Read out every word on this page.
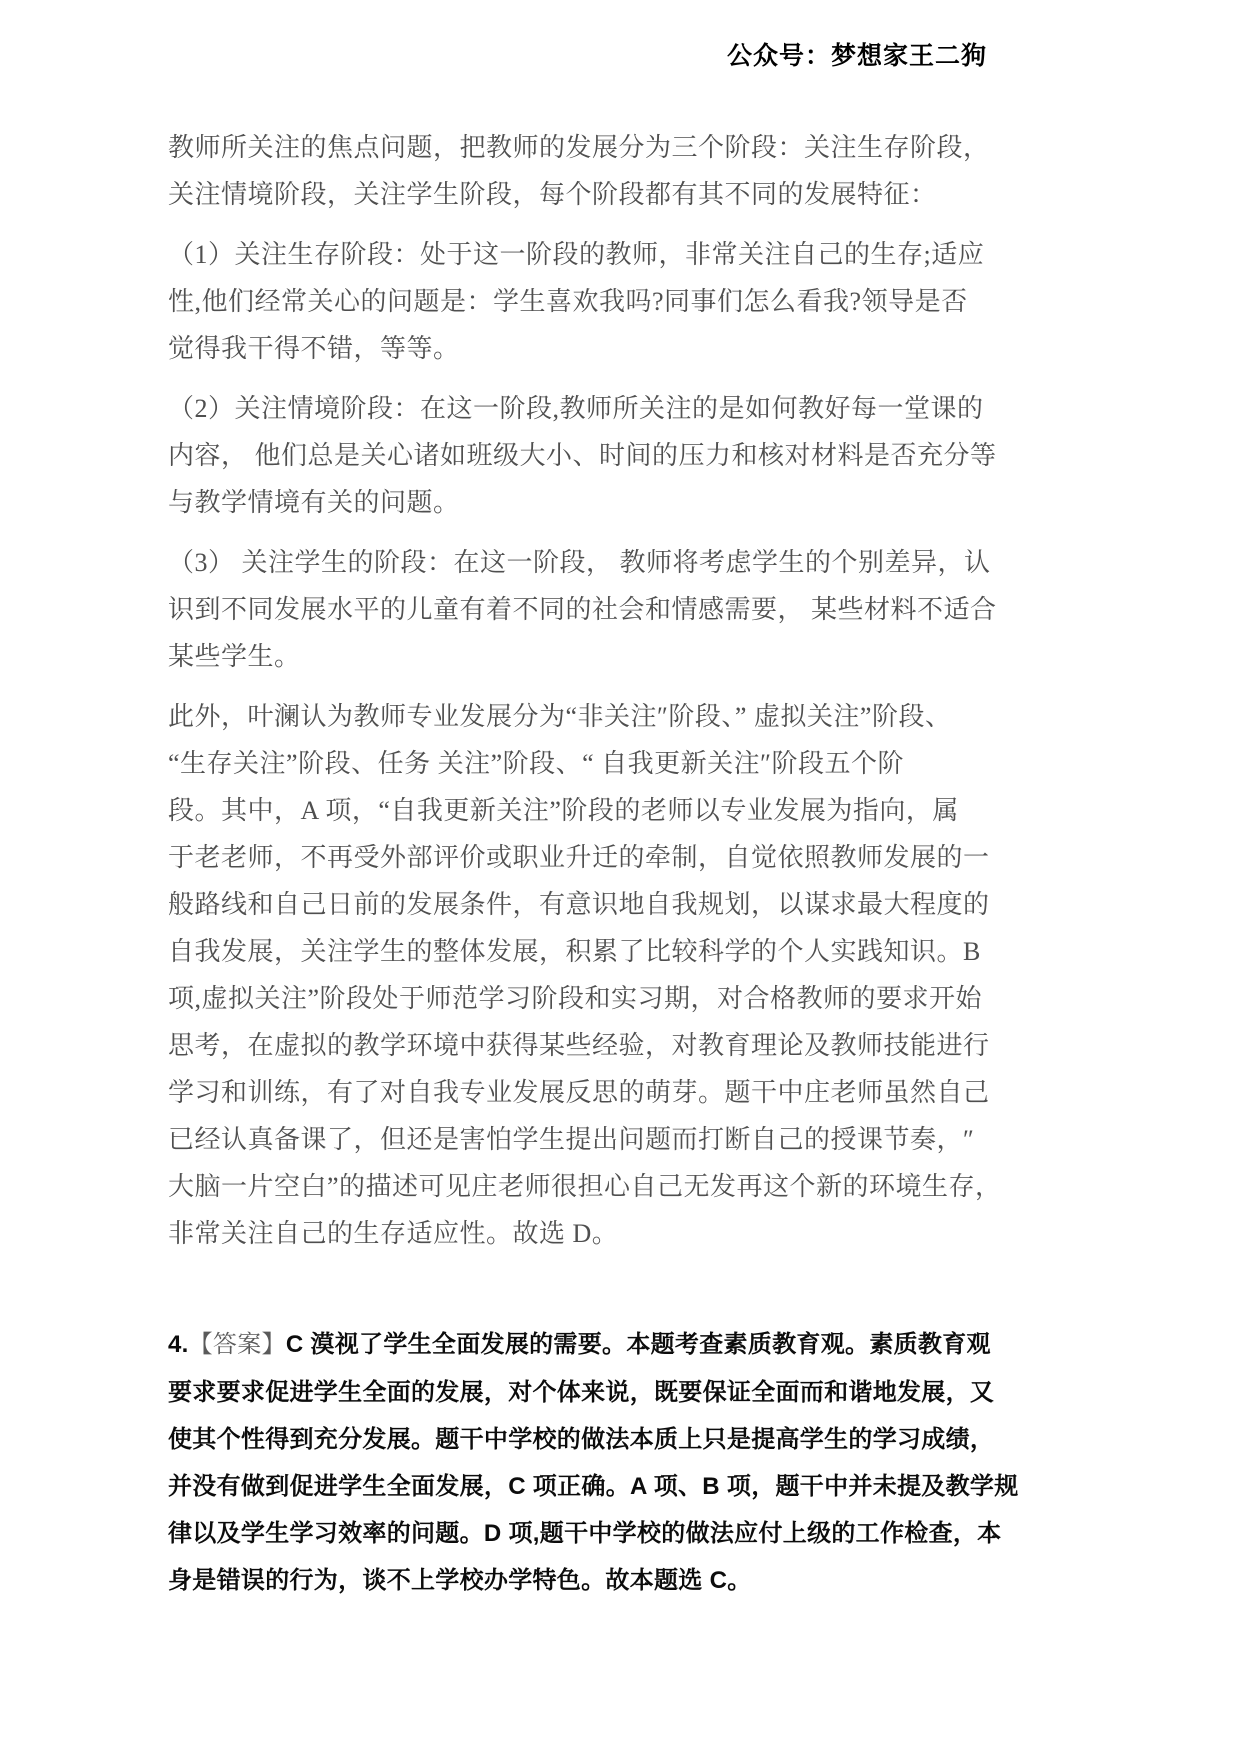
公众号：梦想家王二狗
教师所关注的焦点问题，把教师的发展分为三个阶段：关注生存阶段，
关注情境阶段，关注学生阶段，每个阶段都有其不同的发展特征：
（1）关注生存阶段：处于这一阶段的教师，非常关注自己的生存;适应
性,他们经常关心的问题是：学生喜欢我吗?同事们怎么看我?领导是否
觉得我干得不错，等等。
（2）关注情境阶段：在这一阶段,教师所关注的是如何教好每一堂课的
内容， 他们总是关心诸如班级大小、时间的压力和核对材料是否充分等
与教学情境有关的问题。
（3） 关注学生的阶段：在这一阶段， 教师将考虑学生的个别差异，认
识到不同发展水平的儿童有着不同的社会和情感需要， 某些材料不适合
某些学生。
此外，叶澜认为教师专业发展分为“非关注″阶段、” 虚拟关注”阶段、
“生存关注”阶段、任务 关注”阶段、“ 自我更新关注″阶段五个阶
段。其中，A 项，“自我更新关注”阶段的老师以专业发展为指向，属
于老老师，不再受外部评价或职业升迁的牵制，自觉依照教师发展的一
般路线和自己日前的发展条件，有意识地自我规划，以谋求最大程度的
自我发展，关注学生的整体发展，积累了比较科学的个人实践知识。B
项,虚拟关注”阶段处于师范学习阶段和实习期，对合格教师的要求开始
思考，在虚拟的教学环境中获得某些经验，对教育理论及教师技能进行
学习和训练，有了对自我专业发展反思的萌芽。题干中庄老师虽然自己
已经认真备课了，但还是害怕学生提出问题而打断自己的授课节奏，″
大脑一片空白”的描述可见庄老师很担心自己无发再这个新的环境生存，
非常关注自己的生存适应性。故选 D。
4.【答案】C 漠视了学生全面发展的需要。本题考查素质教育观。素质教育观
要求要求促进学生全面的发展，对个体来说，既要保证全面而和谐地发展，又
使其个性得到充分发展。题干中学校的做法本质上只是提高学生的学习成绩，
并没有做到促进学生全面发展，C 项正确。A 项、B 项，题干中并未提及教学规
律以及学生学习效率的问题。D 项,题干中学校的做法应付上级的工作检查，本
身是错误的行为，谈不上学校办学特色。故本题选 C。
